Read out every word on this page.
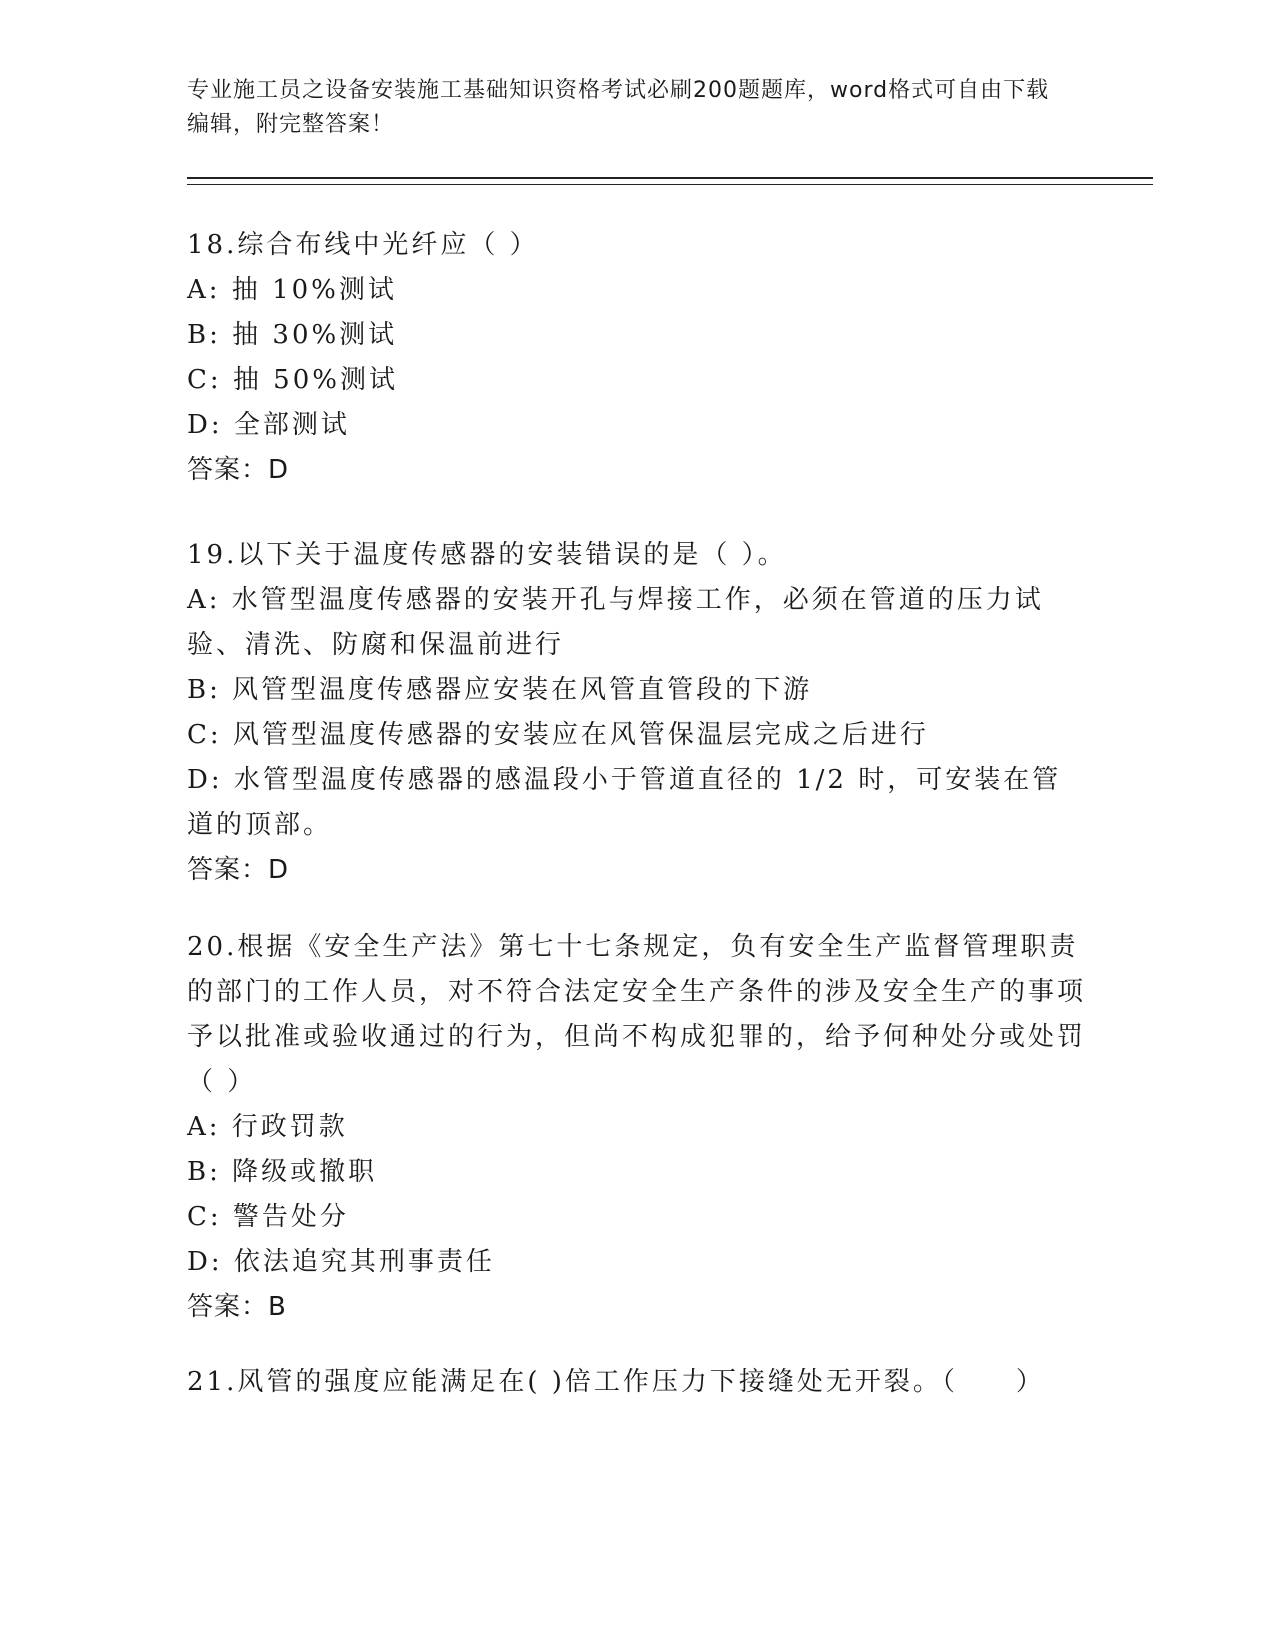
专业施工员之设备安装施工基础知识资格考试必刷200题题库，word格式可自由下载编辑，附完整答案！

18.综合布线中光纤应（ ）

A: 抽 10%测试

B: 抽 30%测试

C: 抽 50%测试

D: 全部测试

答案：D

19.以下关于温度传感器的安装错误的是（ ）。

A: 水管型温度传感器的安装开孔与焊接工作，必须在管道的压力试验、清洗、防腐和保温前进行

B: 风管型温度传感器应安装在风管直管段的下游

C: 风管型温度传感器的安装应在风管保温层完成之后进行

D: 水管型温度传感器的感温段小于管道直径的 1/2 时，可安装在管道的顶部。

答案：D

20.根据《安全生产法》第七十七条规定，负有安全生产监督管理职责的部门的工作人员，对不符合法定安全生产条件的涉及安全生产的事项予以批准或验收通过的行为，但尚不构成犯罪的，给予何种处分或处罚（ ）

A: 行政罚款

B: 降级或撤职

C: 警告处分

D: 依法追究其刑事责任

答案：B

21.风管的强度应能满足在( )倍工作压力下接缝处无开裂。（　　）
